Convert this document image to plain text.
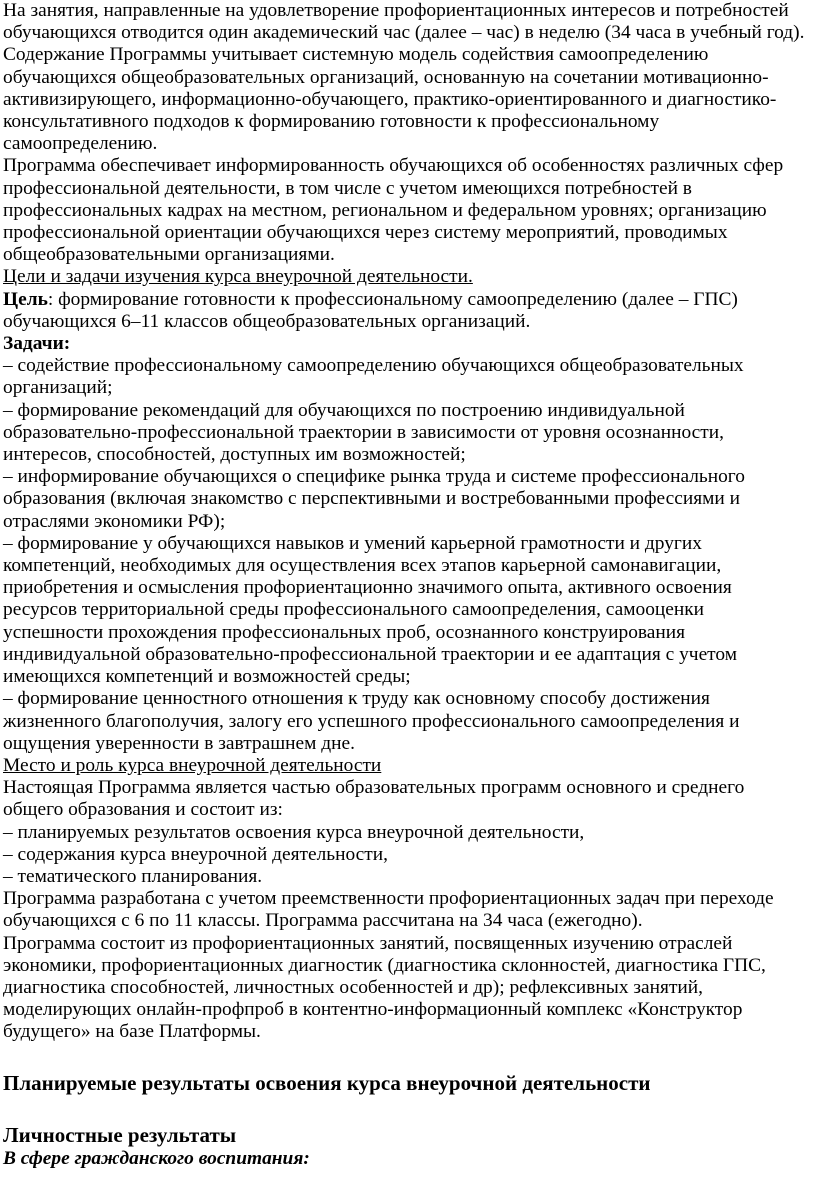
На занятия, направленные на удовлетворение профориентационных интересов и потребностей обучающихся отводится один академический час (далее – час) в неделю (34 часа в учебный год).

Содержание Программы учитывает системную модель содействия самоопределению обучающихся общеобразовательных организаций, основанную на сочетании мотивационно-активизирующего, информационно-обучающего, практико-ориентированного и диагностико-консультативного подходов к формированию готовности к профессиональному самоопределению.

Программа обеспечивает информированность обучающихся об особенностях различных сфер профессиональной деятельности, в том числе с учетом имеющихся потребностей в профессиональных кадрах на местном, региональном и федеральном уровнях; организацию профессиональной ориентации обучающихся через систему мероприятий, проводимых общеобразовательными организациями.

Цели и задачи изучения курса внеурочной деятельности.

Цель: формирование готовности к профессиональному самоопределению (далее – ГПС) обучающихся 6–11 классов общеобразовательных организаций.

Задачи:

– содействие профессиональному самоопределению обучающихся общеобразовательных организаций;

– формирование рекомендаций для обучающихся по построению индивидуальной образовательно-профессиональной траектории в зависимости от уровня осознанности, интересов, способностей, доступных им возможностей;

– информирование обучающихся о специфике рынка труда и системе профессионального образования (включая знакомство с перспективными и востребованными профессиями и отраслями экономики РФ);

– формирование у обучающихся навыков и умений карьерной грамотности и других компетенций, необходимых для осуществления всех этапов карьерной самонавигации, приобретения и осмысления профориентационно значимого опыта, активного освоения ресурсов территориальной среды профессионального самоопределения, самооценки успешности прохождения профессиональных проб, осознанного конструирования индивидуальной образовательно-профессиональной траектории и ее адаптация с учетом имеющихся компетенций и возможностей среды;

– формирование ценностного отношения к труду как основному способу достижения жизненного благополучия, залогу его успешного профессионального самоопределения и ощущения уверенности в завтрашнем дне.

Место и роль курса внеурочной деятельности

Настоящая Программа является частью образовательных программ основного и среднего общего образования и состоит из:

– планируемых результатов освоения курса внеурочной деятельности,

– содержания курса внеурочной деятельности,

– тематического планирования.

Программа разработана с учетом преемственности профориентационных задач при переходе обучающихся с 6 по 11 классы. Программа рассчитана на 34 часа (ежегодно).

Программа состоит из профориентационных занятий, посвященных изучению отраслей экономики, профориентационных диагностик (диагностика склонностей, диагностика ГПС, диагностика способностей, личностных особенностей и др); рефлексивных занятий, моделирующих онлайн-профпроб в контентно-информационный комплекс «Конструктор будущего» на базе Платформы.

Планируемые результаты освоения курса внеурочной деятельности

Личностные результаты

В сфере гражданского воспитания:
